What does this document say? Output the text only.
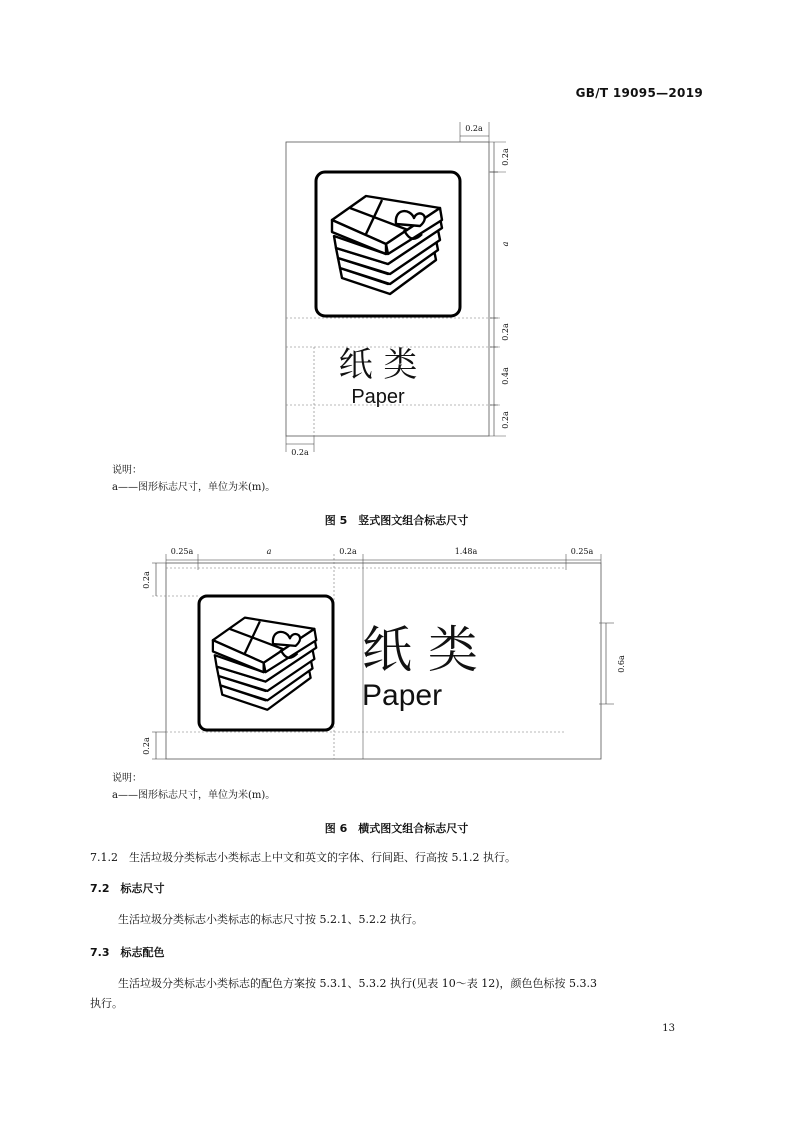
GB/T 19095—2019
纸 类
Paper
0.2a
0.2a
a
0.2a
0.4a
0.2a
0.2a
说明：
a——图形标志尺寸，单位为米(m)。
图 5　竖式图文组合标志尺寸
0.25a	a	0.2a	1.48a	0.25a
0.2a
0.2a
纸 类
Paper
0.6a
说明：
a——图形标志尺寸，单位为米(m)。
图 6　横式图文组合标志尺寸
7.1.2　生活垃圾分类标志小类标志上中文和英文的字体、行间距、行高按 5.1.2 执行。
7.2　标志尺寸
生活垃圾分类标志小类标志的标志尺寸按 5.2.1、5.2.2 执行。
7.3　标志配色
生活垃圾分类标志小类标志的配色方案按 5.3.1、5.3.2 执行(见表 10～表 12)，颜色色标按 5.3.3
执行。
13
